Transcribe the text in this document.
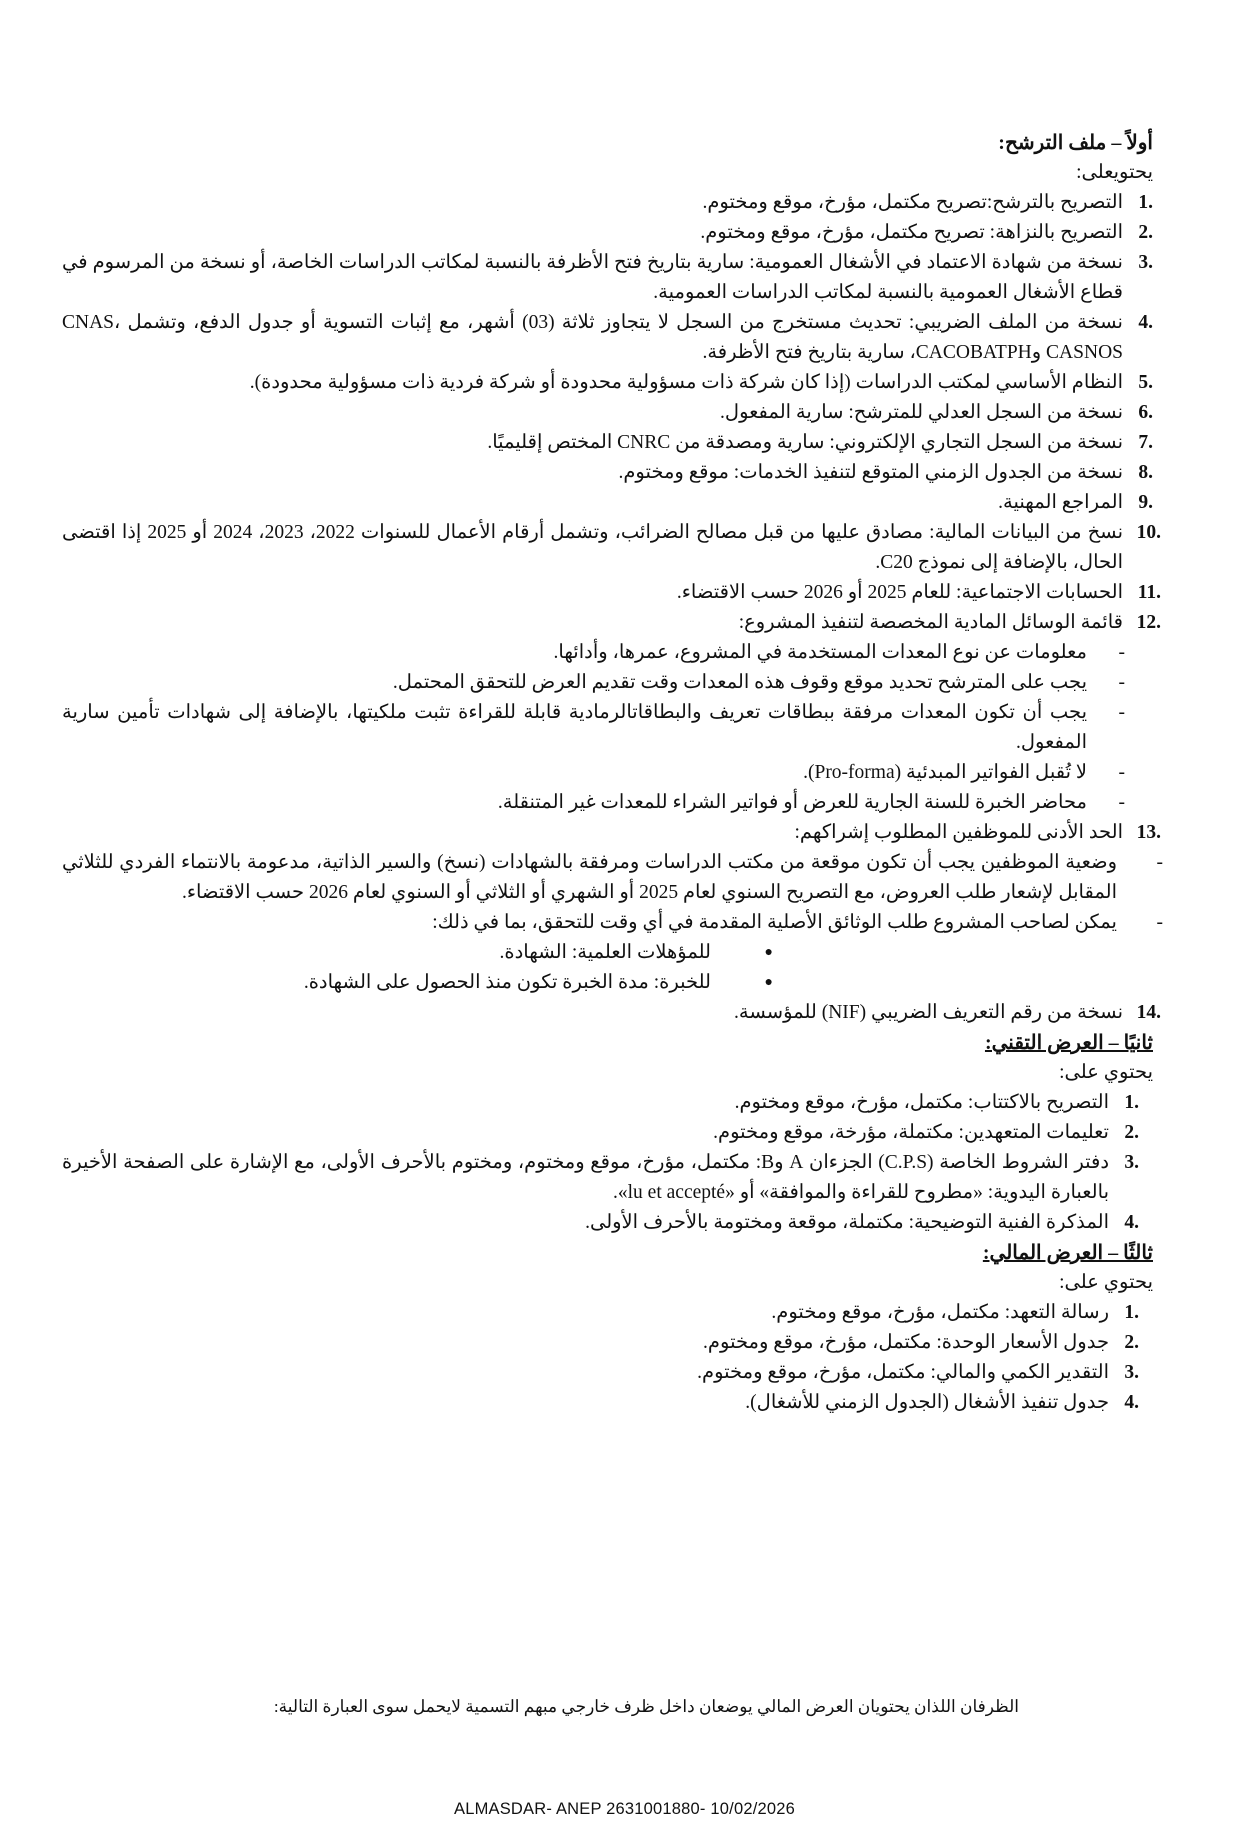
أولاً – ملف الترشح:
يحتويعلى:
1.
التصريح بالترشح:تصريح مكتمل، مؤرخ، موقع ومختوم.
2.
التصريح بالنزاهة: تصريح مكتمل، مؤرخ، موقع ومختوم.
3.
نسخة من شهادة الاعتماد في الأشغال العمومية: سارية بتاريخ فتح الأظرفة بالنسبة لمكاتب الدراسات الخاصة، أو نسخة من المرسوم في قطاع الأشغال العمومية بالنسبة لمكاتب الدراسات العمومية.
4.
نسخة من الملف الضريبي: تحديث مستخرج من السجل لا يتجاوز ثلاثة (03) أشهر، مع إثبات التسوية أو جدول الدفع، وتشمل CNAS، CASNOS وCACOBATPH، سارية بتاريخ فتح الأظرفة.
5.
النظام الأساسي لمكتب الدراسات (إذا كان شركة ذات مسؤولية محدودة أو شركة فردية ذات مسؤولية محدودة).
6.
نسخة من السجل العدلي للمترشح: سارية المفعول.
7.
نسخة من السجل التجاري الإلكتروني: سارية ومصدقة من CNRC المختص إقليميًا.
8.
نسخة من الجدول الزمني المتوقع لتنفيذ الخدمات: موقع ومختوم.
9.
المراجع المهنية.
10.
نسخ من البيانات المالية: مصادق عليها من قبل مصالح الضرائب، وتشمل أرقام الأعمال للسنوات 2022، 2023، 2024 أو 2025 إذا اقتضى الحال، بالإضافة إلى نموذج C20.
11.
الحسابات الاجتماعية: للعام 2025 أو 2026 حسب الاقتضاء.
12.
قائمة الوسائل المادية المخصصة لتنفيذ المشروع:
-
معلومات عن نوع المعدات المستخدمة في المشروع، عمرها، وأدائها.
-
يجب على المترشح تحديد موقع وقوف هذه المعدات وقت تقديم العرض للتحقق المحتمل.
-
يجب أن تكون المعدات مرفقة ببطاقات تعريف والبطاقاتالرمادية قابلة للقراءة تثبت ملكيتها، بالإضافة إلى شهادات تأمين سارية المفعول.
-
لا تُقبل الفواتير المبدئية (Pro-forma).
-
محاضر الخبرة للسنة الجارية للعرض أو فواتير الشراء للمعدات غير المتنقلة.
13.
الحد الأدنى للموظفين المطلوب إشراكهم:
-
وضعية الموظفين يجب أن تكون موقعة من مكتب الدراسات ومرفقة بالشهادات (نسخ) والسير الذاتية، مدعومة بالانتماء الفردي للثلاثي المقابل لإشعار طلب العروض، مع التصريح السنوي لعام 2025 أو الشهري أو الثلاثي أو السنوي لعام 2026 حسب الاقتضاء.
-
يمكن لصاحب المشروع طلب الوثائق الأصلية المقدمة في أي وقت للتحقق، بما في ذلك:
●
للمؤهلات العلمية: الشهادة.
●
للخبرة: مدة الخبرة تكون منذ الحصول على الشهادة.
14.
نسخة من رقم التعريف الضريبي (NIF) للمؤسسة.
ثانيًا – العرض التقني:
يحتوي على:
1.
التصريح بالاكتتاب: مكتمل، مؤرخ، موقع ومختوم.
2.
تعليمات المتعهدين: مكتملة، مؤرخة، موقع ومختوم.
3.
دفتر الشروط الخاصة (C.P.S) الجزءان A وB: مكتمل، مؤرخ، موقع ومختوم، ومختوم بالأحرف الأولى، مع الإشارة على الصفحة الأخيرة بالعبارة اليدوية: «مطروح للقراءة والموافقة» أو «lu et accepté».
4.
المذكرة الفنية التوضيحية: مكتملة، موقعة ومختومة بالأحرف الأولى.
ثالثًا – العرض المالي:
يحتوي على:
1.
رسالة التعهد: مكتمل، مؤرخ، موقع ومختوم.
2.
جدول الأسعار الوحدة: مكتمل، مؤرخ، موقع ومختوم.
3.
التقدير الكمي والمالي: مكتمل، مؤرخ، موقع ومختوم.
4.
جدول تنفيذ الأشغال (الجدول الزمني للأشغال).
الظرفان اللذان يحتويان العرض المالي يوضعان داخل ظرف خارجي مبهم التسمية لايحمل سوى العبارة التالية:
ALMASDAR- ANEP 2631001880- 10/02/2026
